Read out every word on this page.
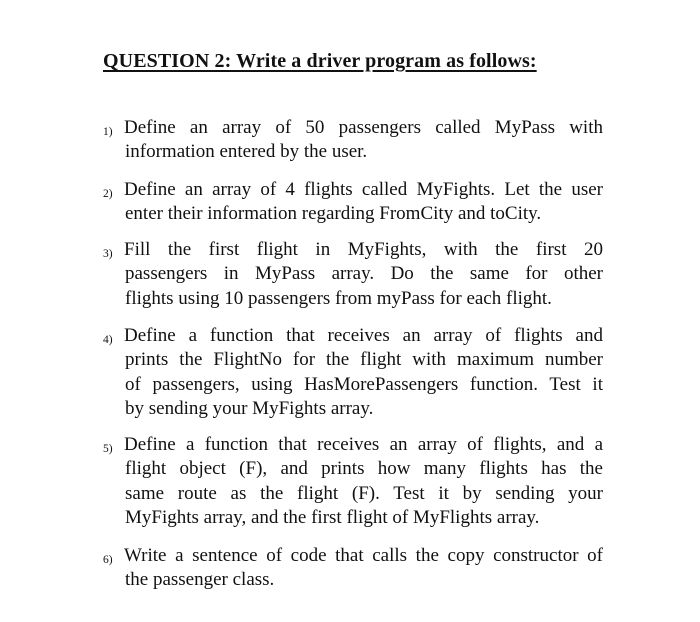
QUESTION 2: Write a driver program as follows:
1) Define an array of 50 passengers called MyPass with
information entered by the user.
2) Define an array of 4 flights called MyFights. Let the user
enter their information regarding FromCity and toCity.
3) Fill the first flight in MyFights, with the first 20
passengers in MyPass array. Do the same for other
flights using 10 passengers from myPass for each flight.
4) Define a function that receives an array of flights and
prints the FlightNo for the flight with maximum number
of passengers, using HasMorePassengers function. Test it
by sending your MyFights array.
5) Define a function that receives an array of flights, and a
flight object (F), and prints how many flights has the
same route as the flight (F). Test it by sending your
MyFights array, and the first flight of MyFlights array.
6) Write a sentence of code that calls the copy constructor of
the passenger class.
